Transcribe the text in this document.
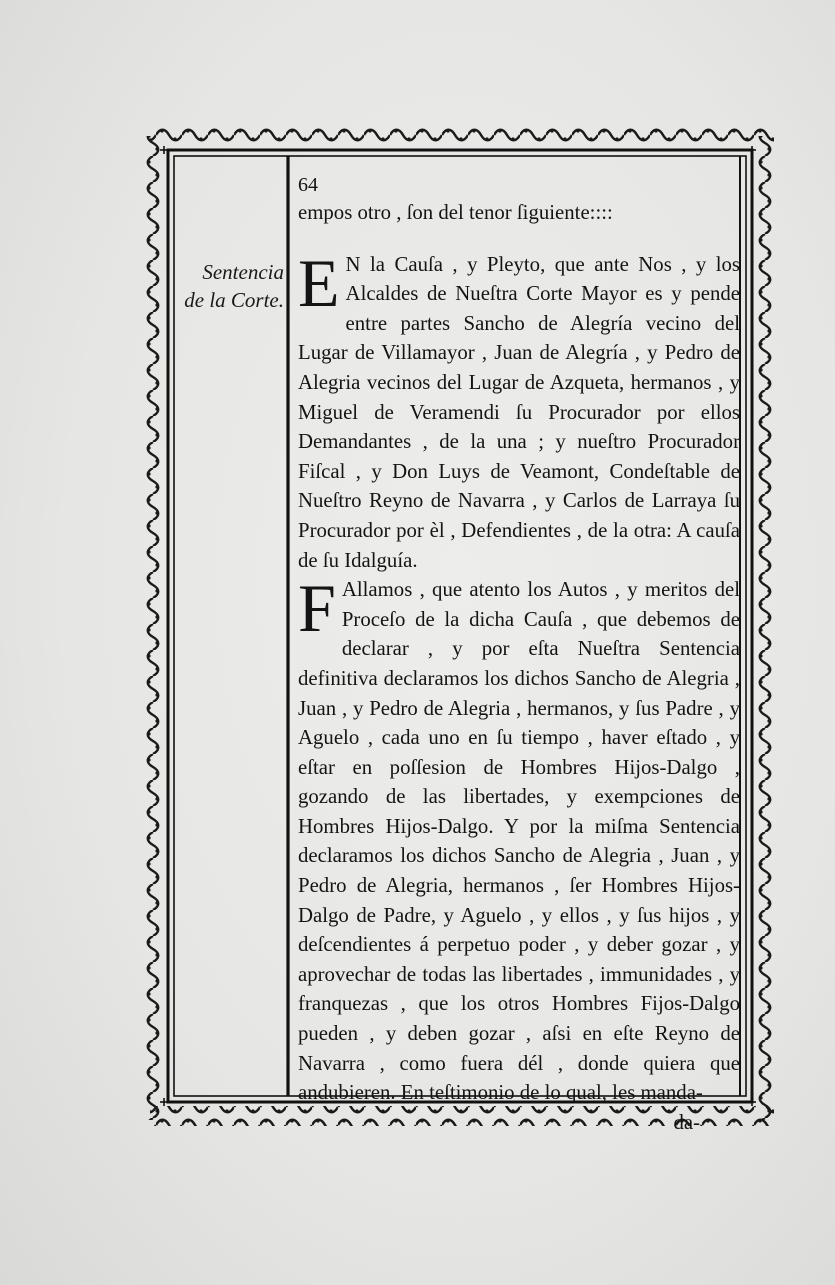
Sentencia
de la Corte.
64

empos otro , ſon del tenor ſiguiente::::

E N la Cauſa , y Pleyto, que ante Nos , y los Alcaldes de Nueſtra Corte Mayor es y pende entre partes Sancho de Alegría vecino del Lugar de Villamayor , Juan de Alegría , y Pedro de Alegria vecinos del Lugar de Azqueta, hermanos , y Miguel de Veramendi ſu Procurador por ellos Demandantes , de la una ; y nueſtro Procurador Fiſcal , y Don Luys de Veamont, Condeſtable de Nueſtro Reyno de Navarra , y Carlos de Larraya ſu Procurador por èl , Defendientes , de la otra: A cauſa de ſu Idalguía.

F Allamos , que atento los Autos , y meritos del Proceſo de la dicha Cauſa , que debemos de declarar , y por eſta Nueſtra Sentencia definitiva declaramos los dichos Sancho de Alegria , Juan , y Pedro de Alegria , hermanos, y ſus Padre , y Aguelo , cada uno en ſu tiempo , haver eſtado , y eſtar en poſſesion de Hombres Hijos-Dalgo , gozando de las libertades, y exempciones de Hombres Hijos-Dalgo. Y por la miſma Sentencia declaramos los dichos Sancho de Alegria , Juan , y Pedro de Alegria, hermanos , ſer Hombres Hijos-Dalgo de Padre, y Aguelo , y ellos , y ſus hijos , y deſcendientes á perpetuo poder , y deber gozar , y aprovechar de todas las libertades , immunidades , y franquezas , que los otros Hombres Fijos-Dalgo pueden , y deben gozar , aſsi en eſte Reyno de Navarra , como fuera dél , donde quiera que andubieren. En teſtimonio de lo qual, les manda-

da-
